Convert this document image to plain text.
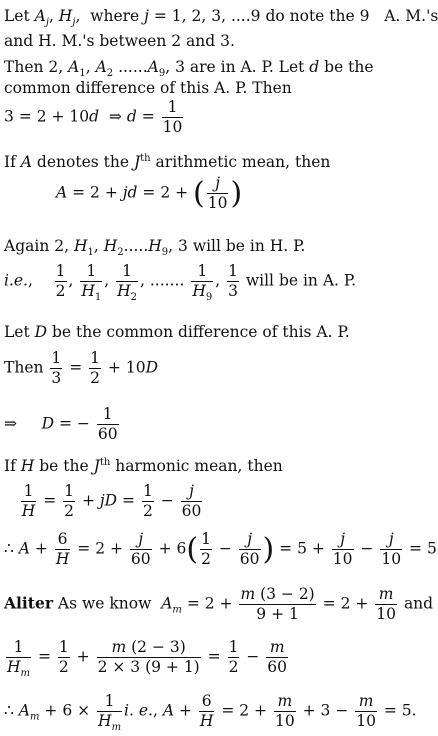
Let $A_j$, $H_j$,  where j = 1, 2, 3, ....9 do note the 9   A. M.'s
and H. M.'s between 2 and 3.
Then 2, $A_1$, $A_2$ $......A_9$, 3 are in A. P. Let d be the
common difference of this A. P. Then
3 = 2 + 10d  ⇒ $d = \frac{1}{10}$
If A denotes the $J^{th}$ arithmetic mean, then
A = 2 + jd = 2 + ( $\frac{j}{10}$ )
Again 2, $H_1$, $H_2.....H_9$, 3 will be in H. P.
i.e., $\frac{1}{2}$ , $\frac{1}{H_1}$ , $\frac{1}{H_2}$ , ....... $\frac{1}{H_9}$ , $\frac{1}{3}$ will be in A. P.
Let D be the common difference of this A. P.
Then $\frac{1}{3} = \frac{1}{2} + 10D$
⇒     D = − $\frac{1}{60}$
If H be the $J^{th}$ harmonic mean, then

$\frac{1}{H} = \frac{1}{2}$ + jD = $\frac{1}{2} - \frac{j}{60}$
∴ $A + \frac{6}{H} = 2 + \frac{j}{60} + 6( \frac{1}{2} - \frac{j}{60}$ ) = $5 + \frac{j}{10} - \frac{j}{10} = 5$
Aliter As we know  $A_m = 2 + \frac{m (3 - 2)}{9 + 1} = 2 + \frac{m}{10}$ and
$\frac{1}{H_m} = \frac{1}{2} + \frac{m (2 - 3)}{2 \times 3 (9 + 1)} = \frac{1}{2} - \frac{m}{60}$
∴ $A_m + 6 \times \frac{1}{H_m} i$. e., $A + \frac{6}{H} = 2 + \frac{m}{10} + 3 - \frac{m}{10} = 5$.
